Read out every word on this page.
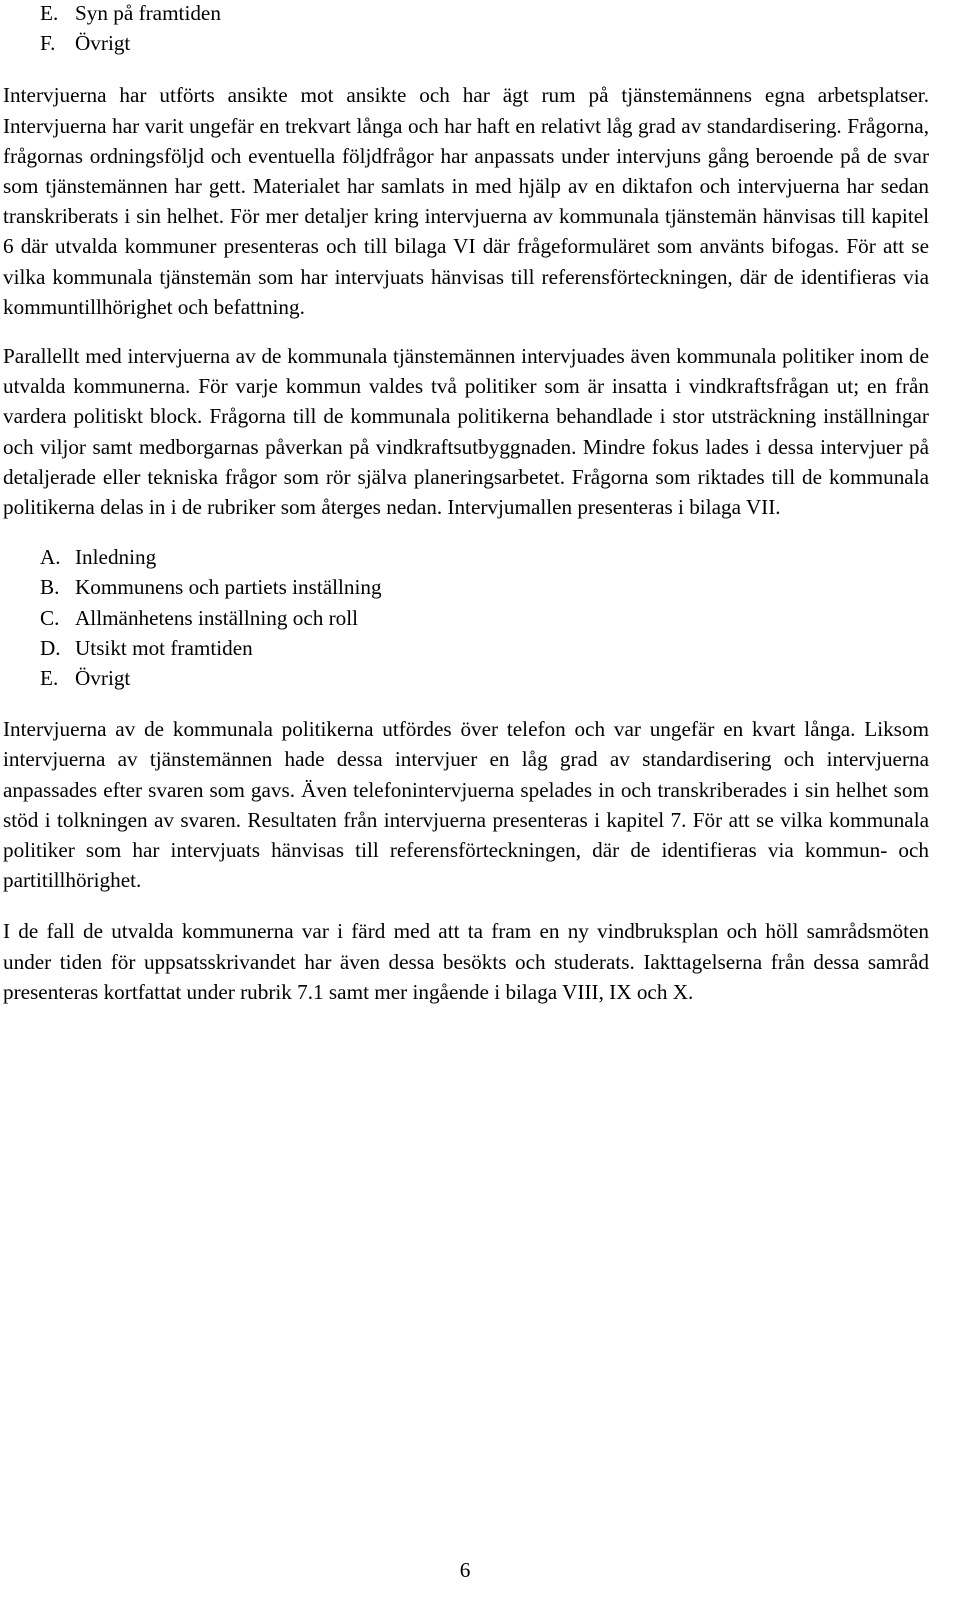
E. Syn på framtiden
F. Övrigt

Intervjuerna har utförts ansikte mot ansikte och har ägt rum på tjänstemännens egna arbetsplatser. Intervjuerna har varit ungefär en trekvart långa och har haft en relativt låg grad av standardisering. Frågorna, frågornas ordningsföljd och eventuella följdfrågor har anpassats under intervjuns gång beroende på de svar som tjänstemännen har gett. Materialet har samlats in med hjälp av en diktafon och intervjuerna har sedan transkriberats i sin helhet. För mer detaljer kring intervjuerna av kommunala tjänstemän hänvisas till kapitel 6 där utvalda kommuner presenteras och till bilaga VI där frågeformuläret som använts bifogas. För att se vilka kommunala tjänstemän som har intervjuats hänvisas till referensförteckningen, där de identifieras via kommuntillhörighet och befattning.

Parallellt med intervjuerna av de kommunala tjänstemännen intervjuades även kommunala politiker inom de utvalda kommunerna. För varje kommun valdes två politiker som är insatta i vindkraftsfrågan ut; en från vardera politiskt block. Frågorna till de kommunala politikerna behandlade i stor utsträckning inställningar och viljor samt medborgarnas påverkan på vindkraftsutbyggnaden. Mindre fokus lades i dessa intervjuer på detaljerade eller tekniska frågor som rör själva planeringsarbetet. Frågorna som riktades till de kommunala politikerna delas in i de rubriker som återges nedan. Intervjumallen presenteras i bilaga VII.

A. Inledning
B. Kommunens och partiets inställning
C. Allmänhetens inställning och roll
D. Utsikt mot framtiden
E. Övrigt

Intervjuerna av de kommunala politikerna utfördes över telefon och var ungefär en kvart långa. Liksom intervjuerna av tjänstemännen hade dessa intervjuer en låg grad av standardisering och intervjuerna anpassades efter svaren som gavs. Även telefonintervjuerna spelades in och transkriberades i sin helhet som stöd i tolkningen av svaren. Resultaten från intervjuerna presenteras i kapitel 7. För att se vilka kommunala politiker som har intervjuats hänvisas till referensförteckningen, där de identifieras via kommun- och partitillhörighet.

I de fall de utvalda kommunerna var i färd med att ta fram en ny vindbruksplan och höll samrådsmöten under tiden för uppsatsskrivandet har även dessa besökts och studerats. Iakttagelserna från dessa samråd presenteras kortfattat under rubrik 7.1 samt mer ingående i bilaga VIII, IX och X.

6
